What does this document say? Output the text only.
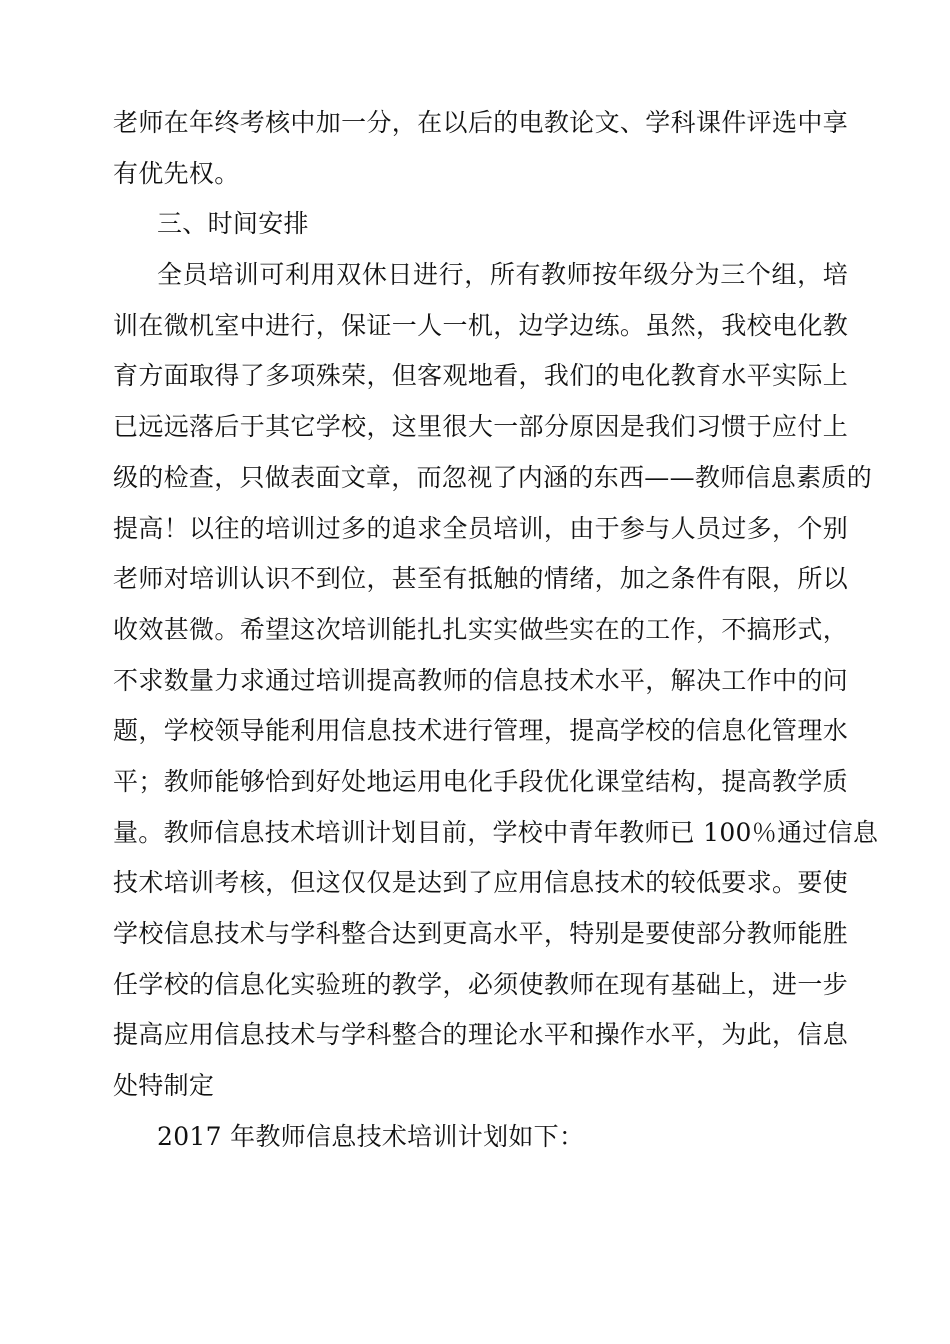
老师在年终考核中加一分，在以后的电教论文、学科课件评选中享
有优先权。
三、时间安排
全员培训可利用双休日进行，所有教师按年级分为三个组，培
训在微机室中进行，保证一人一机，边学边练。虽然，我校电化教
育方面取得了多项殊荣，但客观地看，我们的电化教育水平实际上
已远远落后于其它学校，这里很大一部分原因是我们习惯于应付上
级的检查，只做表面文章，而忽视了内涵的东西——教师信息素质的
提高！以往的培训过多的追求全员培训，由于参与人员过多，个别
老师对培训认识不到位，甚至有抵触的情绪，加之条件有限，所以
收效甚微。希望这次培训能扎扎实实做些实在的工作，不搞形式，
不求数量力求通过培训提高教师的信息技术水平，解决工作中的问
题，学校领导能利用信息技术进行管理，提高学校的信息化管理水
平；教师能够恰到好处地运用电化手段优化课堂结构，提高教学质
量。教师信息技术培训计划目前，学校中青年教师已 100％通过信息
技术培训考核，但这仅仅是达到了应用信息技术的较低要求。要使
学校信息技术与学科整合达到更高水平，特别是要使部分教师能胜
任学校的信息化实验班的教学，必须使教师在现有基础上，进一步
提高应用信息技术与学科整合的理论水平和操作水平，为此，信息
处特制定
2017 年教师信息技术培训计划如下：
